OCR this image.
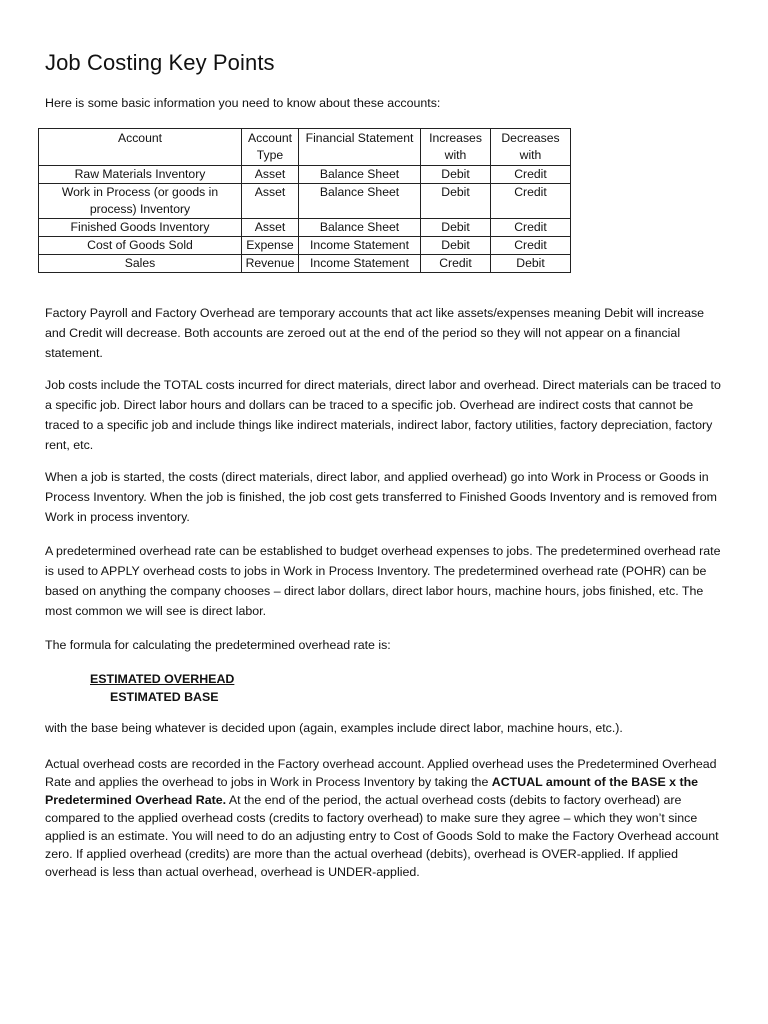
Job Costing Key Points

Here is some basic information you need to know about these accounts:

Account	Account Type	Financial Statement	Increases with	Decreases with
Raw Materials Inventory	Asset	Balance Sheet	Debit	Credit
Work in Process (or goods in process) Inventory	Asset	Balance Sheet	Debit	Credit
Finished Goods Inventory	Asset	Balance Sheet	Debit	Credit
Cost of Goods Sold	Expense	Income Statement	Debit	Credit
Sales	Revenue	Income Statement	Credit	Debit

Factory Payroll and Factory Overhead are temporary accounts that act like assets/expenses meaning Debit will increase and Credit will decrease. Both accounts are zeroed out at the end of the period so they will not appear on a financial statement.

Job costs include the TOTAL costs incurred for direct materials, direct labor and overhead. Direct materials can be traced to a specific job. Direct labor hours and dollars can be traced to a specific job. Overhead are indirect costs that cannot be traced to a specific job and include things like indirect materials, indirect labor, factory utilities, factory depreciation, factory rent, etc.

When a job is started, the costs (direct materials, direct labor, and applied overhead) go into Work in Process or Goods in Process Inventory. When the job is finished, the job cost gets transferred to Finished Goods Inventory and is removed from Work in process inventory.

A predetermined overhead rate can be established to budget overhead expenses to jobs. The predetermined overhead rate is used to APPLY overhead costs to jobs in Work in Process Inventory. The predetermined overhead rate (POHR) can be based on anything the company chooses – direct labor dollars, direct labor hours, machine hours, jobs finished, etc. The most common we will see is direct labor.

The formula for calculating the predetermined overhead rate is:

ESTIMATED OVERHEAD
ESTIMATED BASE

with the base being whatever is decided upon (again, examples include direct labor, machine hours, etc.).

Actual overhead costs are recorded in the Factory overhead account. Applied overhead uses the Predetermined Overhead Rate and applies the overhead to jobs in Work in Process Inventory by taking the ACTUAL amount of the BASE x the Predetermined Overhead Rate. At the end of the period, the actual overhead costs (debits to factory overhead) are compared to the applied overhead costs (credits to factory overhead) to make sure they agree – which they won’t since applied is an estimate. You will need to do an adjusting entry to Cost of Goods Sold to make the Factory Overhead account zero. If applied overhead (credits) are more than the actual overhead (debits), overhead is OVER-applied. If applied overhead is less than actual overhead, overhead is UNDER-applied.
